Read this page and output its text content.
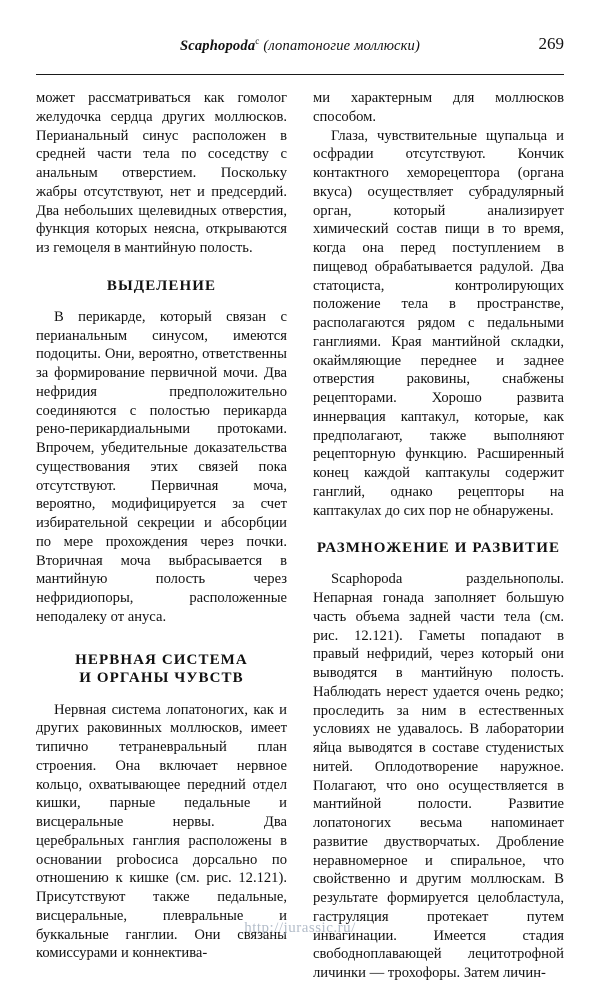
Scaphopoda$^c$ (лопатоногие моллюски)	269

может рассматриваться как гомолог желудочка сердца других моллюсков. Перианальный синус расположен в средней части тела по соседству с анальным отверстием. Поскольку жабры отсутствуют, нет и предсердий. Два небольших щелевидных отверстия, функция которых неясна, открываются из гемоцеля в мантийную полость.

ВЫДЕЛЕНИЕ

В перикарде, который связан с перианальным синусом, имеются подоциты. Они, вероятно, ответственны за формирование первичной мочи. Два нефридия предположительно соединяются с полостью перикарда рено-перикардиальными протоками. Впрочем, убедительные доказательства существования этих связей пока отсутствуют. Первичная моча, вероятно, модифицируется за счет избирательной секреции и абсорбции по мере прохождения через почки. Вторичная моча выбрасывается в мантийную полость через нефридиопоры, расположенные неподалеку от ануса.

НЕРВНАЯ СИСТЕМА
И ОРГАНЫ ЧУВСТВ

Нервная система лопатоногих, как и других раковинных моллюсков, имеет типично тетраневральный план строения. Она включает нервное кольцо, охватывающее передний отдел кишки, парные педальные и висцеральные нервы. Два церебральных ганглия расположены в основании probосиса дорсально по отношению к кишке (см. рис. 12.121). Присутствуют также педальные, висцеральные, плевральные и буккальные ганглии. Они связаны комиссурами и коннектива-

ми характерным для моллюсков способом.

Глаза, чувствительные щупальца и осфрадии отсутствуют. Кончик контактного хеморецептора (органа вкуса) осуществляет субрадулярный орган, который анализирует химический состав пищи в то время, когда она перед поступлением в пищевод обрабатывается радулой. Два статоциста, контролирующих положение тела в пространстве, располагаются рядом с педальными ганглиями. Края мантийной складки, окаймляющие переднее и заднее отверстия раковины, снабжены рецепторами. Хорошо развита иннервация каптакул, которые, как предполагают, также выполняют рецепторную функцию. Расширенный конец каждой каптакулы содержит ганглий, однако рецепторы на каптакулах до сих пор не обнаружены.

РАЗМНОЖЕНИЕ И РАЗВИТИЕ

Scaphopoda раздельнополы. Непарная гонада заполняет большую часть объема задней части тела (см. рис. 12.121). Гаметы попадают в правый нефридий, через который они выводятся в мантийную полость. Наблюдать нерест удается очень редко; проследить за ним в естественных условиях не удавалось. В лаборатории яйца выводятся в составе студенистых нитей. Оплодотворение наружное. Полагают, что оно осуществляется в мантийной полости. Развитие лопатоногих весьма напоминает развитие двустворчатых. Дробление неравномерное и спиральное, что свойственно и другим моллюскам. В результате формируется целобластула, гаструляция протекает путем инвагинации. Имеется стадия свободноплавающей лецитотрофной личинки — трохофоры. Затем личин-

http://jurassic.ru/
